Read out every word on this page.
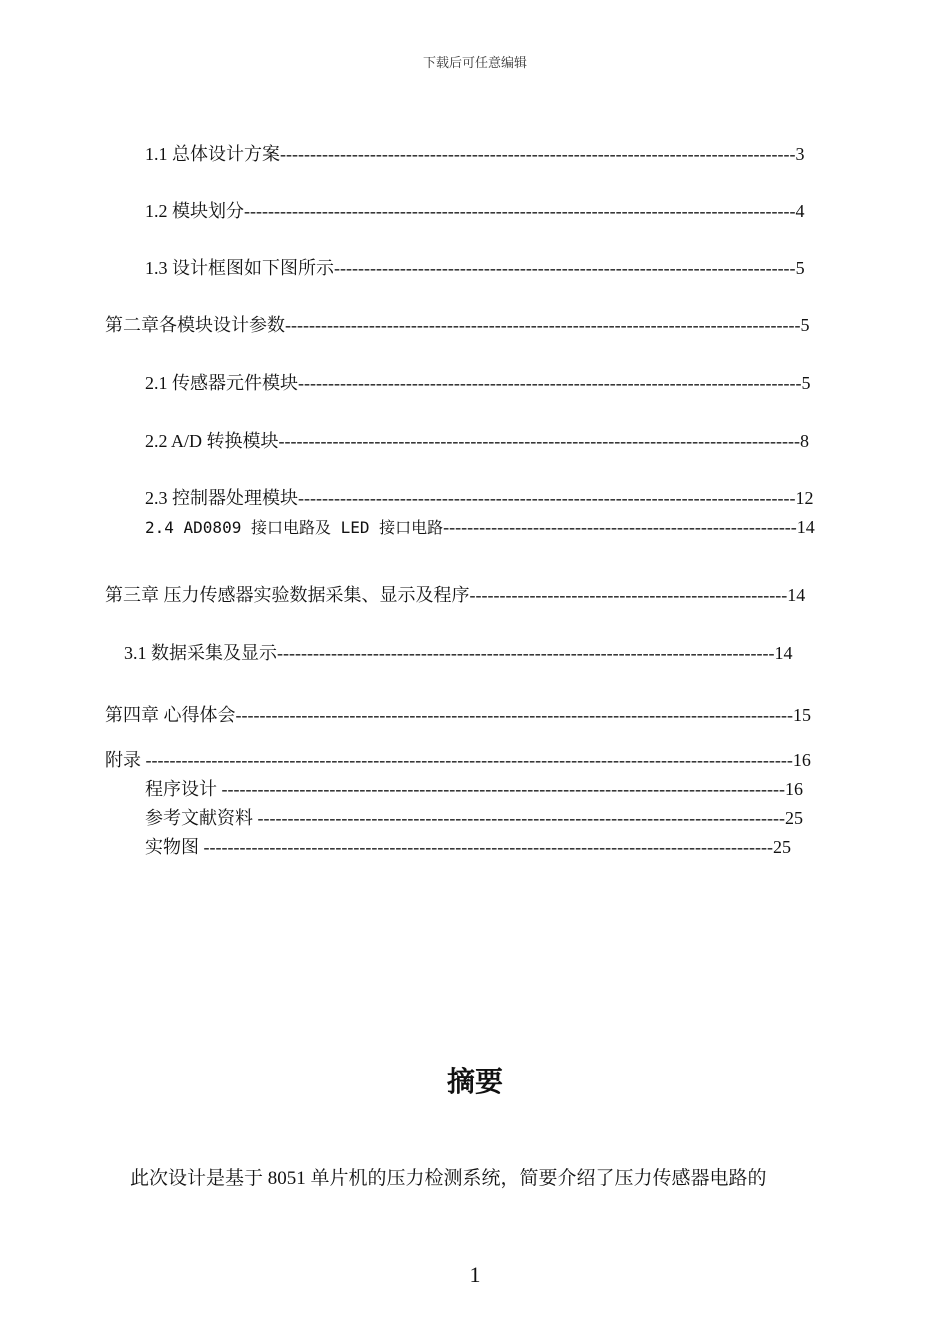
下载后可任意编辑
1.1 总体设计方案--------------------------------------------------------------------------------------3
1.2 模块划分--------------------------------------------------------------------------------------------4
1.3 设计框图如下图所示-----------------------------------------------------------------------------5
第二章各模块设计参数--------------------------------------------------------------------------------------5
2.1 传感器元件模块------------------------------------------------------------------------------------5
2.2 A/D 转换模块---------------------------------------------------------------------------------------8
2.3 控制器处理模块-----------------------------------------------------------------------------------12
2.4 AD0809 接口电路及 LED 接口电路-----------------------------------------------------------14
第三章 压力传感器实验数据采集、显示及程序-----------------------------------------------------14
3.1 数据采集及显示-----------------------------------------------------------------------------------14
第四章 心得体会---------------------------------------------------------------------------------------------15
附录 ------------------------------------------------------------------------------------------------------------16
程序设计 ----------------------------------------------------------------------------------------------16
参考文献资料 ----------------------------------------------------------------------------------------25
实物图 -----------------------------------------------------------------------------------------------25
摘要
此次设计是基于 8051 单片机的压力检测系统，简要介绍了压力传感器电路的
1
